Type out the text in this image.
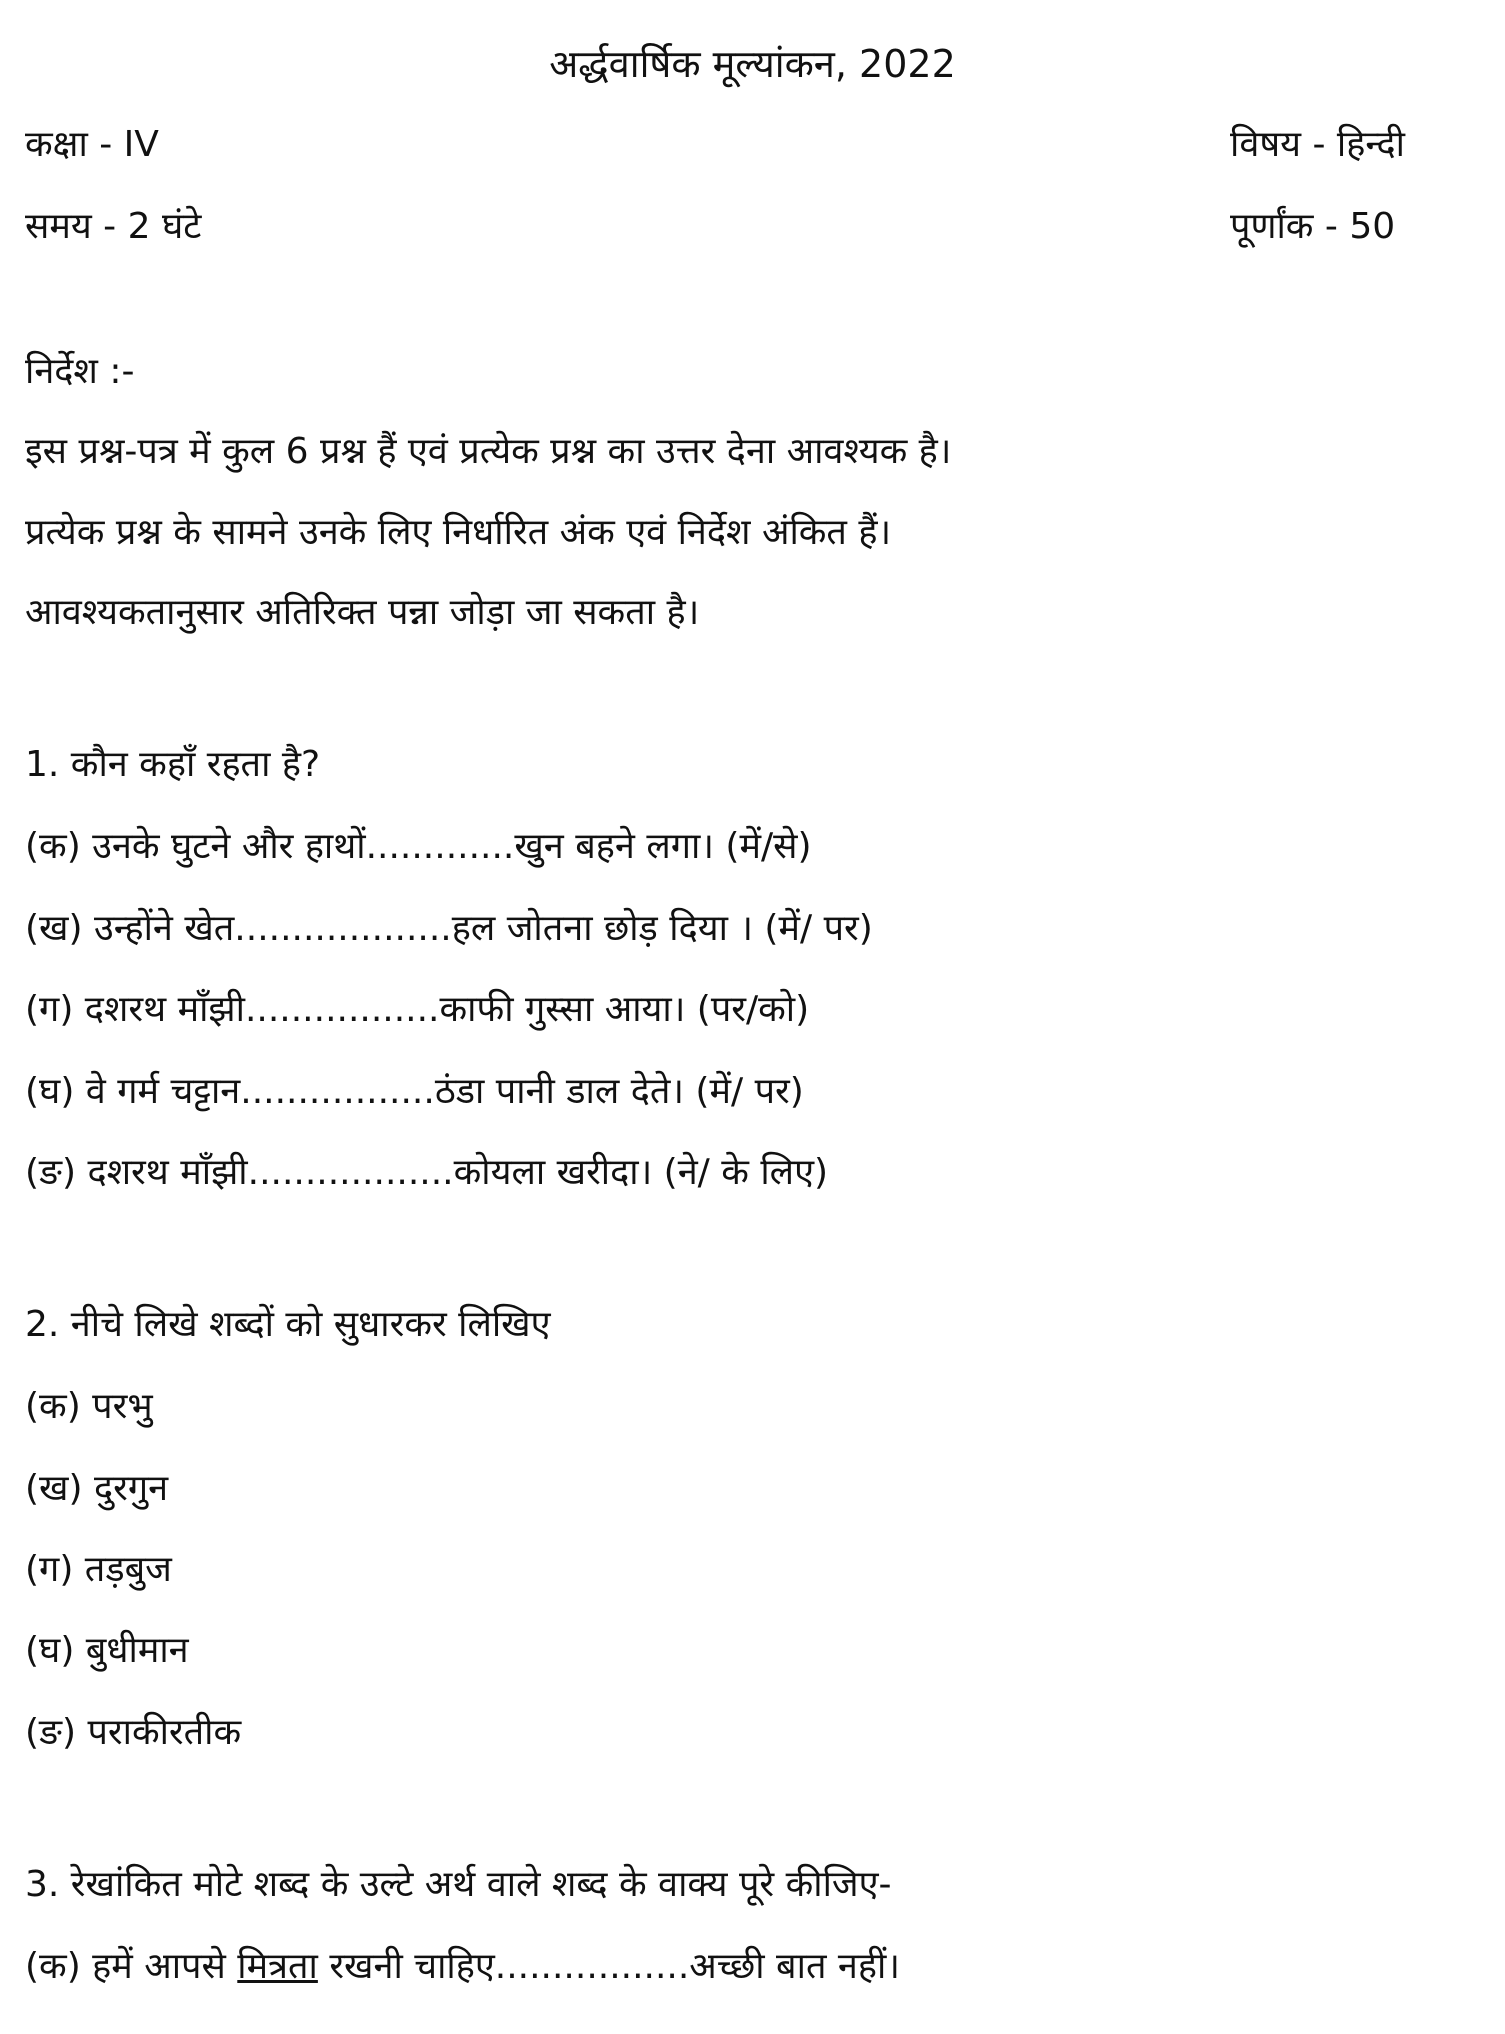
अर्द्धवार्षिक मूल्यांकन, 2022
कक्षा - IV	विषय - हिन्दी
समय - 2 घंटे	पूर्णांक - 50
निर्देश :-
इस प्रश्न-पत्र में कुल 6 प्रश्न हैं एवं प्रत्येक प्रश्न का उत्तर देना आवश्यक है।
प्रत्येक प्रश्न के सामने उनके लिए निर्धारित अंक एवं निर्देश अंकित हैं।
आवश्यकतानुसार अतिरिक्त पन्ना जोड़ा जा सकता है।
1. कौन कहाँ रहता है?
(क) उनके घुटने और हाथों.............खुन बहने लगा। (में/से)
(ख) उन्होंने खेत...................हल जोतना छोड़ दिया । (में/ पर)
(ग) दशरथ माँझी.................काफी गुस्सा आया। (पर/को)
(घ) वे गर्म चट्टान.................ठंडा पानी डाल देते। (में/ पर)
(ङ) दशरथ माँझी..................कोयला खरीदा। (ने/ के लिए)
2. नीचे लिखे शब्दों को सुधारकर लिखिए
(क) परभु
(ख) दुरगुन
(ग) तड़बुज
(घ) बुधीमान
(ङ) पराकीरतीक
3. रेखांकित मोटे शब्द के उल्टे अर्थ वाले शब्द के वाक्य पूरे कीजिए-
(क) हमें आपसे मित्रता रखनी चाहिए.................अच्छी बात नहीं।
